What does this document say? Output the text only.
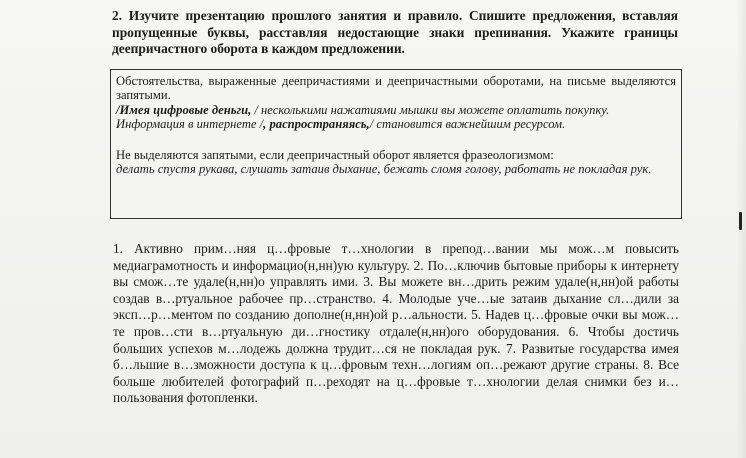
2. Изучите презентацию прошлого занятия и правило. Спишите предложения, вставляя пропущенные буквы, расставляя недостающие знаки препинания. Укажите границы деепричастного оборота в каждом предложении.

Обстоятельства, выраженные деепричастиями и деепричастными оборотами, на письме выделяются запятыми.

/Имея цифровые деньги, / несколькими нажатиями мышки вы можете оплатить покупку.

Информация в интернете /, распространяясь,/ становится важнейшим ресурсом.

Не выделяются запятыми, если деепричастный оборот является фразеологизмом:

делать спустя рукава, слушать затаив дыхание, бежать сломя голову, работать не покладая рук.

1. Активно прим…няя ц…фровые т…хнологии в препод…вании мы мож…м повысить медиаграмотность и информацио(н,нн)ую культуру. 2. По…ключив бытовые приборы к интернету вы смож…те удале(н,нн)о управлять ими. 3. Вы можете вн…дрить режим удале(н,нн)ой работы создав в…ртуальное рабочее пр…странство. 4. Молодые уче…ые затаив дыхание сл…дили за эксп…р…ментом по созданию дополне(н,нн)ой р…альности. 5. Надев ц…фровые очки вы мож…те пров…сти в…ртуальную ди…гностику отдале(н,нн)ого оборудования. 6. Чтобы достичь больших успехов м…лодежь должна трудит…ся не покладая рук. 7. Развитые государства имея б…льшие в…зможности доступа к ц…фровым техн…логиям оп…режают другие страны. 8. Все больше любителей фотографий п…реходят на ц…фровые т…хнологии делая снимки без и…пользования фотопленки.
